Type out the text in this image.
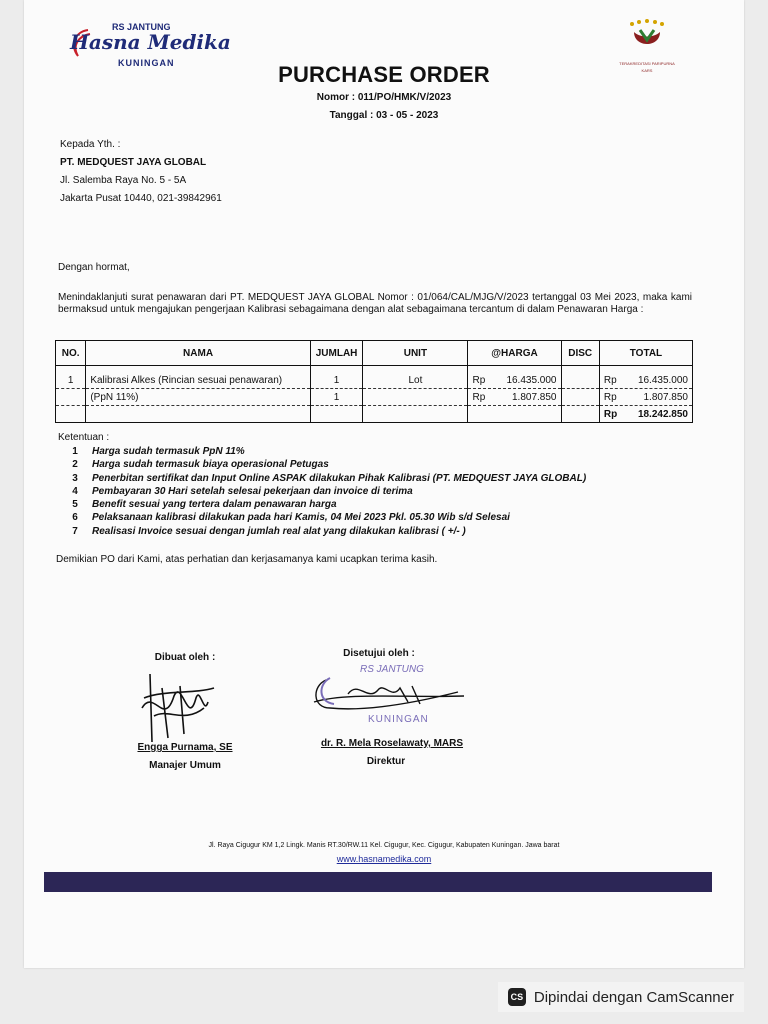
RS JANTUNG
Hasna Medika
KUNINGAN	TERAKREDITASI PARIPURNA
KARS
PURCHASE ORDER
Nomor : 011/PO/HMK/V/2023
Tanggal : 03 - 05 - 2023
Kepada Yth. :
PT. MEDQUEST JAYA GLOBAL
Jl. Salemba Raya No. 5 - 5A
Jakarta Pusat 10440, 021-39842961
Dengan hormat,
Menindaklanjuti surat penawaran dari PT. MEDQUEST JAYA GLOBAL Nomor : 01/064/CAL/MJG/V/2023 tertanggal 03 Mei 2023, maka kami bermaksud untuk mengajukan pengerjaan Kalibrasi sebagaimana dengan alat sebagaimana tercantum di dalam Penawaran Harga :
NO.	NAMA	JUMLAH	UNIT	@HARGA	DISC	TOTAL
1	Kalibrasi Alkes (Rincian sesuai penawaran)	1	Lot	Rp 16.435.000		Rp 16.435.000

	(PpN 11%)	1		Rp 1.807.850		Rp 1.807.850

						Rp 18.242.850
Ketentuan :
1	Harga sudah termasuk PpN 11%
2	Harga sudah termasuk biaya operasional Petugas
3	Penerbitan sertifikat dan Input Online ASPAK dilakukan Pihak Kalibrasi (PT. MEDQUEST JAYA GLOBAL)
4	Pembayaran 30 Hari setelah selesai pekerjaan dan invoice di terima
5	Benefit sesuai yang tertera dalam penawaran harga
6	Pelaksanaan kalibrasi dilakukan pada hari Kamis, 04 Mei 2023 Pkl. 05.30 Wib s/d Selesai
7	Realisasi Invoice sesuai dengan jumlah real alat yang dilakukan kalibrasi ( +/- )
Demikian PO dari Kami, atas perhatian dan kerjasamanya kami ucapkan terima kasih.
Dibuat oleh :
Engga Purnama, SE
Manajer Umum
Disetujui oleh :
RS JANTUNG
KUNINGAN
dr. R. Mela Roselawaty, MARS
Direktur
Jl. Raya Cigugur KM 1,2 Lingk. Manis RT.30/RW.11 Kel. Cigugur, Kec. Cigugur, Kabupaten Kuningan. Jawa barat
www.hasnamedika.com
CS Dipindai dengan CamScanner
